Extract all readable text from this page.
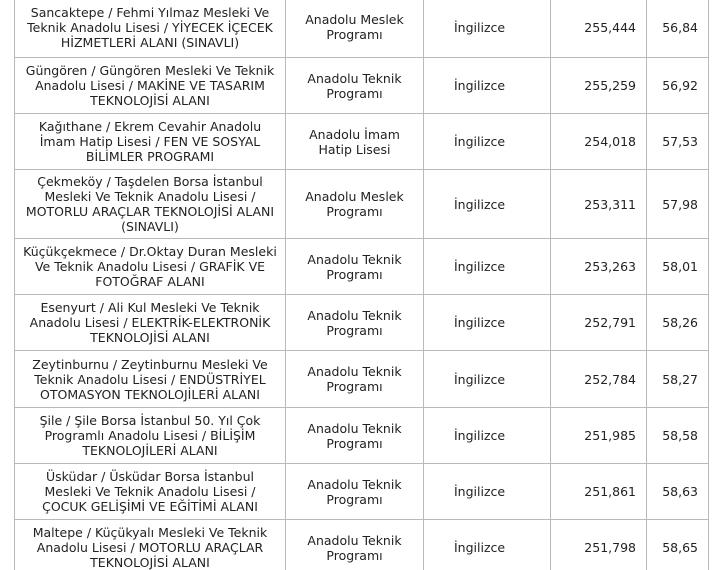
Sancaktepe / Fehmi Yılmaz Mesleki Ve Teknik Anadolu Lisesi / YİYECEK İÇECEK HİZMETLERİ ALANI (SINAVLI)	Anadolu Meslek Programı	İngilizce	255,444	56,84
Güngören / Güngören Mesleki Ve Teknik Anadolu Lisesi / MAKİNE VE TASARIM TEKNOLOJİSİ ALANI	Anadolu Teknik Programı	İngilizce	255,259	56,92
Kağıthane / Ekrem Cevahir Anadolu İmam Hatip Lisesi / FEN VE SOSYAL BİLİMLER PROGRAMI	Anadolu İmam Hatip Lisesi	İngilizce	254,018	57,53
Çekmeköy / Taşdelen Borsa İstanbul Mesleki Ve Teknik Anadolu Lisesi / MOTORLU ARAÇLAR TEKNOLOJİSİ ALANI (SINAVLI)	Anadolu Meslek Programı	İngilizce	253,311	57,98
Küçükçekmece / Dr.Oktay Duran Mesleki Ve Teknik Anadolu Lisesi / GRAFİK VE FOTOĞRAF ALANI	Anadolu Teknik Programı	İngilizce	253,263	58,01
Esenyurt / Ali Kul Mesleki Ve Teknik Anadolu Lisesi / ELEKTRİK-ELEKTRONİK TEKNOLOJİSİ ALANI	Anadolu Teknik Programı	İngilizce	252,791	58,26
Zeytinburnu / Zeytinburnu Mesleki Ve Teknik Anadolu Lisesi / ENDÜSTRİYEL OTOMASYON TEKNOLOJİLERİ ALANI	Anadolu Teknik Programı	İngilizce	252,784	58,27
Şile / Şile Borsa İstanbul 50. Yıl Çok Programlı Anadolu Lisesi / BİLİŞİM TEKNOLOJİLERİ ALANI	Anadolu Teknik Programı	İngilizce	251,985	58,58
Üsküdar / Üsküdar Borsa İstanbul Mesleki Ve Teknik Anadolu Lisesi / ÇOCUK GELİŞİMİ VE EĞİTİMİ ALANI	Anadolu Teknik Programı	İngilizce	251,861	58,63
Maltepe / Küçükyalı Mesleki Ve Teknik Anadolu Lisesi / MOTORLU ARAÇLAR TEKNOLOJİSİ ALANI	Anadolu Teknik Programı	İngilizce	251,798	58,65
